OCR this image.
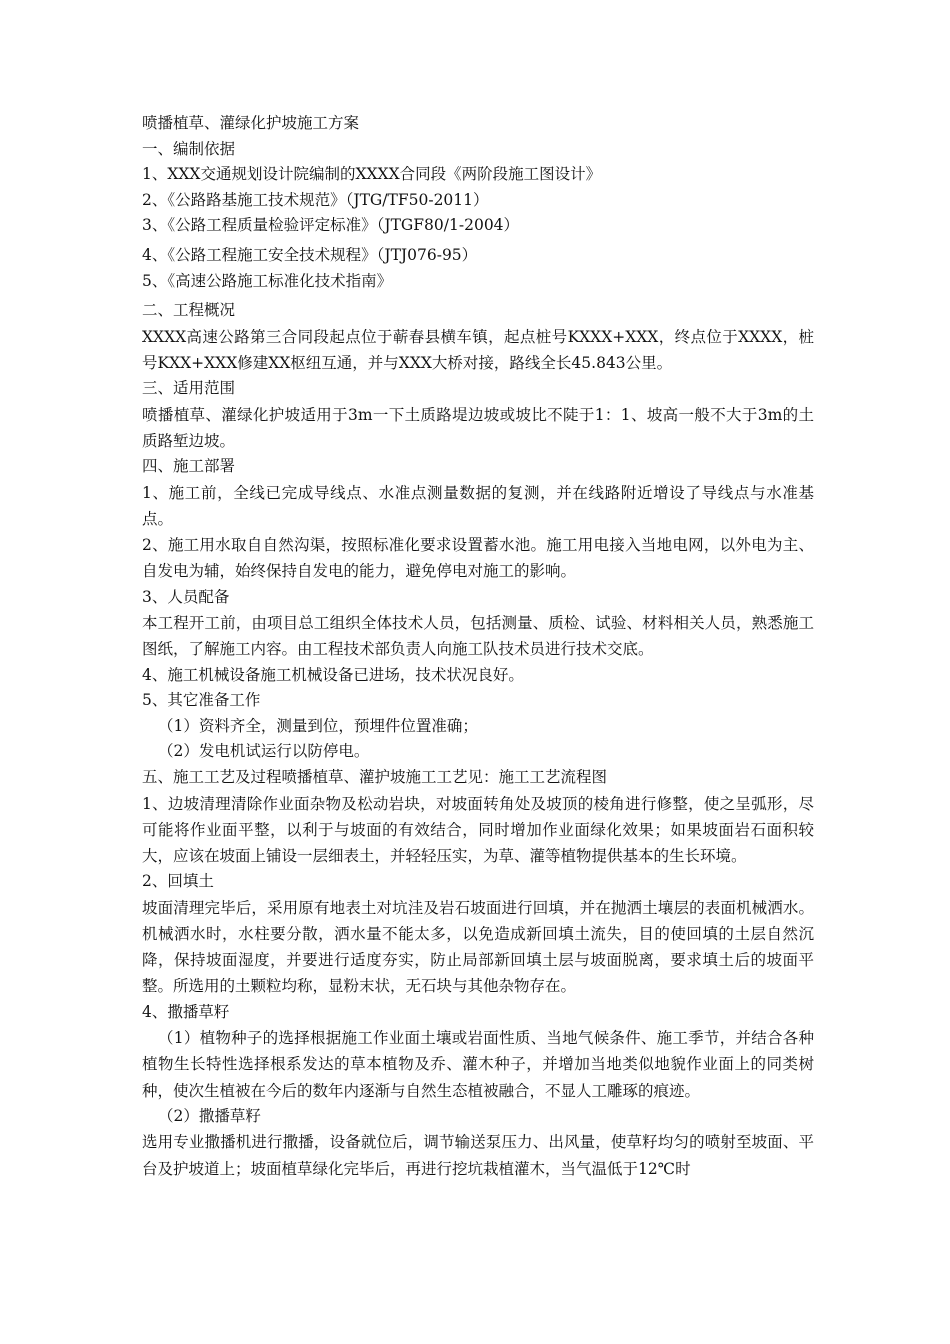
喷播植草、灌绿化护坡施工方案
一、编制依据
1、XXX交通规划设计院编制的XXXX合同段《两阶段施工图设计》
2、《公路路基施工技术规范》（JTG/TF50-2011）
3、《公路工程质量检验评定标准》（JTGF80/1-2004）
4、《公路工程施工安全技术规程》（JTJ076-95）
5、《高速公路施工标准化技术指南》
二、工程概况
XXXX高速公路第三合同段起点位于蕲春县横车镇，起点桩号KXXX+XXX，终点位于XXXX，桩号KXX+XXX修建XX枢纽互通，并与XXX大桥对接，路线全长45.843公里。
三、适用范围
喷播植草、灌绿化护坡适用于3m一下土质路堤边坡或坡比不陡于1：1、坡高一般不大于3m的土质路堑边坡。
四、施工部署
1、施工前，全线已完成导线点、水准点测量数据的复测，并在线路附近增设了导线点与水准基点。
2、施工用水取自自然沟渠，按照标准化要求设置蓄水池。施工用电接入当地电网，以外电为主、自发电为辅，始终保持自发电的能力，避免停电对施工的影响。
3、人员配备
本工程开工前，由项目总工组织全体技术人员，包括测量、质检、试验、材料相关人员，熟悉施工图纸，了解施工内容。由工程技术部负责人向施工队技术员进行技术交底。
4、施工机械设备施工机械设备已进场，技术状况良好。
5、其它准备工作
（1）资料齐全，测量到位，预埋件位置准确；
（2）发电机试运行以防停电。
五、施工工艺及过程喷播植草、灌护坡施工工艺见：施工工艺流程图
1、边坡清理清除作业面杂物及松动岩块，对坡面转角处及坡顶的棱角进行修整，使之呈弧形，尽可能将作业面平整，以利于与坡面的有效结合，同时增加作业面绿化效果；如果坡面岩石面积较大，应该在坡面上铺设一层细表土，并轻轻压实，为草、灌等植物提供基本的生长环境。
2、回填土
坡面清理完毕后，采用原有地表土对坑洼及岩石坡面进行回填，并在抛洒土壤层的表面机械洒水。机械洒水时，水柱要分散，洒水量不能太多，以免造成新回填土流失，目的使回填的土层自然沉降，保持坡面湿度，并要进行适度夯实，防止局部新回填土层与坡面脱离，要求填土后的坡面平整。所选用的土颗粒均称，显粉末状，无石块与其他杂物存在。
4、撒播草籽
（1）植物种子的选择根据施工作业面土壤或岩面性质、当地气候条件、施工季节，并结合各种植物生长特性选择根系发达的草本植物及乔、灌木种子，并增加当地类似地貌作业面上的同类树种，使次生植被在今后的数年内逐渐与自然生态植被融合，不显人工雕琢的痕迹。
（2）撒播草籽
选用专业撒播机进行撒播，设备就位后，调节输送泵压力、出风量，使草籽均匀的喷射至坡面、平台及护坡道上；坡面植草绿化完毕后，再进行挖坑栽植灌木，当气温低于12℃时
